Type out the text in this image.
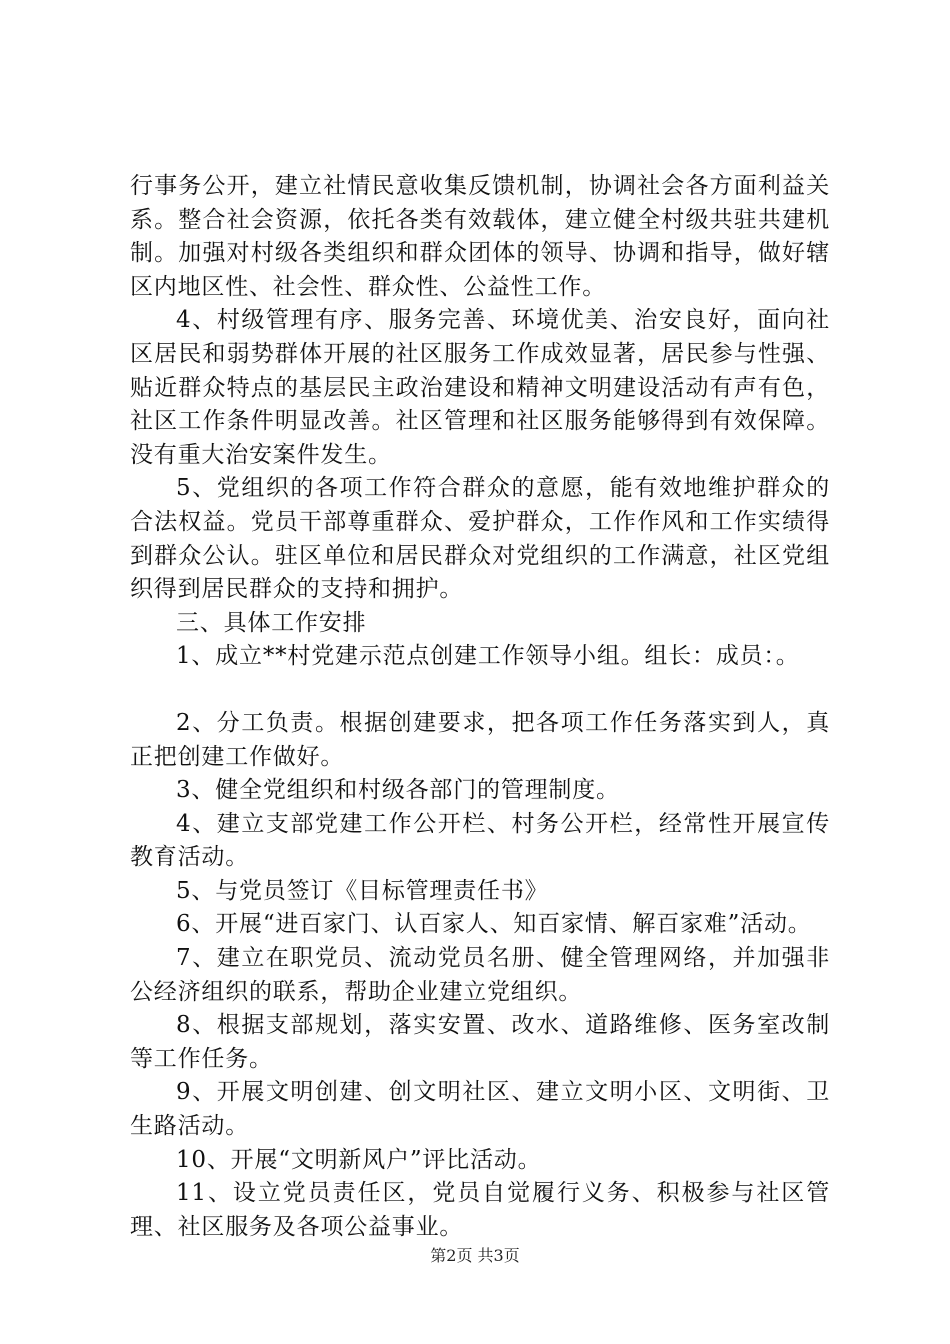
行事务公开，建立社情民意收集反馈机制，协调社会各方面利益关系。整合社会资源，依托各类有效载体，建立健全村级共驻共建机制。加强对村级各类组织和群众团体的领导、协调和指导，做好辖区内地区性、社会性、群众性、公益性工作。

4、村级管理有序、服务完善、环境优美、治安良好，面向社区居民和弱势群体开展的社区服务工作成效显著，居民参与性强、贴近群众特点的基层民主政治建设和精神文明建设活动有声有色，社区工作条件明显改善。社区管理和社区服务能够得到有效保障。没有重大治安案件发生。

5、党组织的各项工作符合群众的意愿，能有效地维护群众的合法权益。党员干部尊重群众、爱护群众，工作作风和工作实绩得到群众公认。驻区单位和居民群众对党组织的工作满意，社区党组织得到居民群众的支持和拥护。

三、具体工作安排

1、成立**村党建示范点创建工作领导小组。组长：成员：。

2、分工负责。根据创建要求，把各项工作任务落实到人，真正把创建工作做好。

3、健全党组织和村级各部门的管理制度。

4、建立支部党建工作公开栏、村务公开栏，经常性开展宣传教育活动。

5、与党员签订《目标管理责任书》

6、开展“进百家门、认百家人、知百家情、解百家难”活动。

7、建立在职党员、流动党员名册、健全管理网络，并加强非公经济组织的联系，帮助企业建立党组织。

8、根据支部规划，落实安置、改水、道路维修、医务室改制等工作任务。

9、开展文明创建、创文明社区、建立文明小区、文明街、卫生路活动。

10、开展“文明新风户”评比活动。

11、设立党员责任区，党员自觉履行义务、积极参与社区管理、社区服务及各项公益事业。

第2页 共3页
